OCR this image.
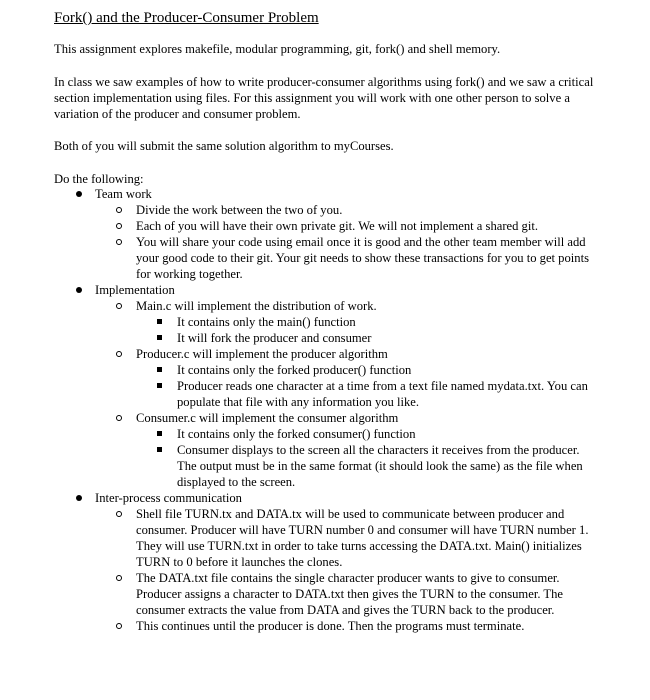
Fork() and the Producer-Consumer Problem

This assignment explores makefile, modular programming, git, fork() and shell memory.

In class we saw examples of how to write producer-consumer algorithms using fork() and we saw a critical section implementation using files. For this assignment you will work with one other person to solve a variation of the producer and consumer problem.

Both of you will submit the same solution algorithm to myCourses.

Do the following:

Team work
Divide the work between the two of you.
Each of you will have their own private git. We will not implement a shared git.
You will share your code using email once it is good and the other team member will add your good code to their git. Your git needs to show these transactions for you to get points for working together.
Implementation
Main.c will implement the distribution of work.
It contains only the main() function
It will fork the producer and consumer
Producer.c will implement the producer algorithm
It contains only the forked producer() function
Producer reads one character at a time from a text file named mydata.txt. You can populate that file with any information you like.
Consumer.c will implement the consumer algorithm
It contains only the forked consumer() function
Consumer displays to the screen all the characters it receives from the producer. The output must be in the same format (it should look the same) as the file when displayed to the screen.
Inter-process communication
Shell file TURN.tx and DATA.tx will be used to communicate between producer and consumer. Producer will have TURN number 0 and consumer will have TURN number 1. They will use TURN.txt in order to take turns accessing the DATA.txt. Main() initializes TURN to 0 before it launches the clones.
The DATA.txt file contains the single character producer wants to give to consumer. Producer assigns a character to DATA.txt then gives the TURN to the consumer. The consumer extracts the value from DATA and gives the TURN back to the producer.
This continues until the producer is done. Then the programs must terminate.
